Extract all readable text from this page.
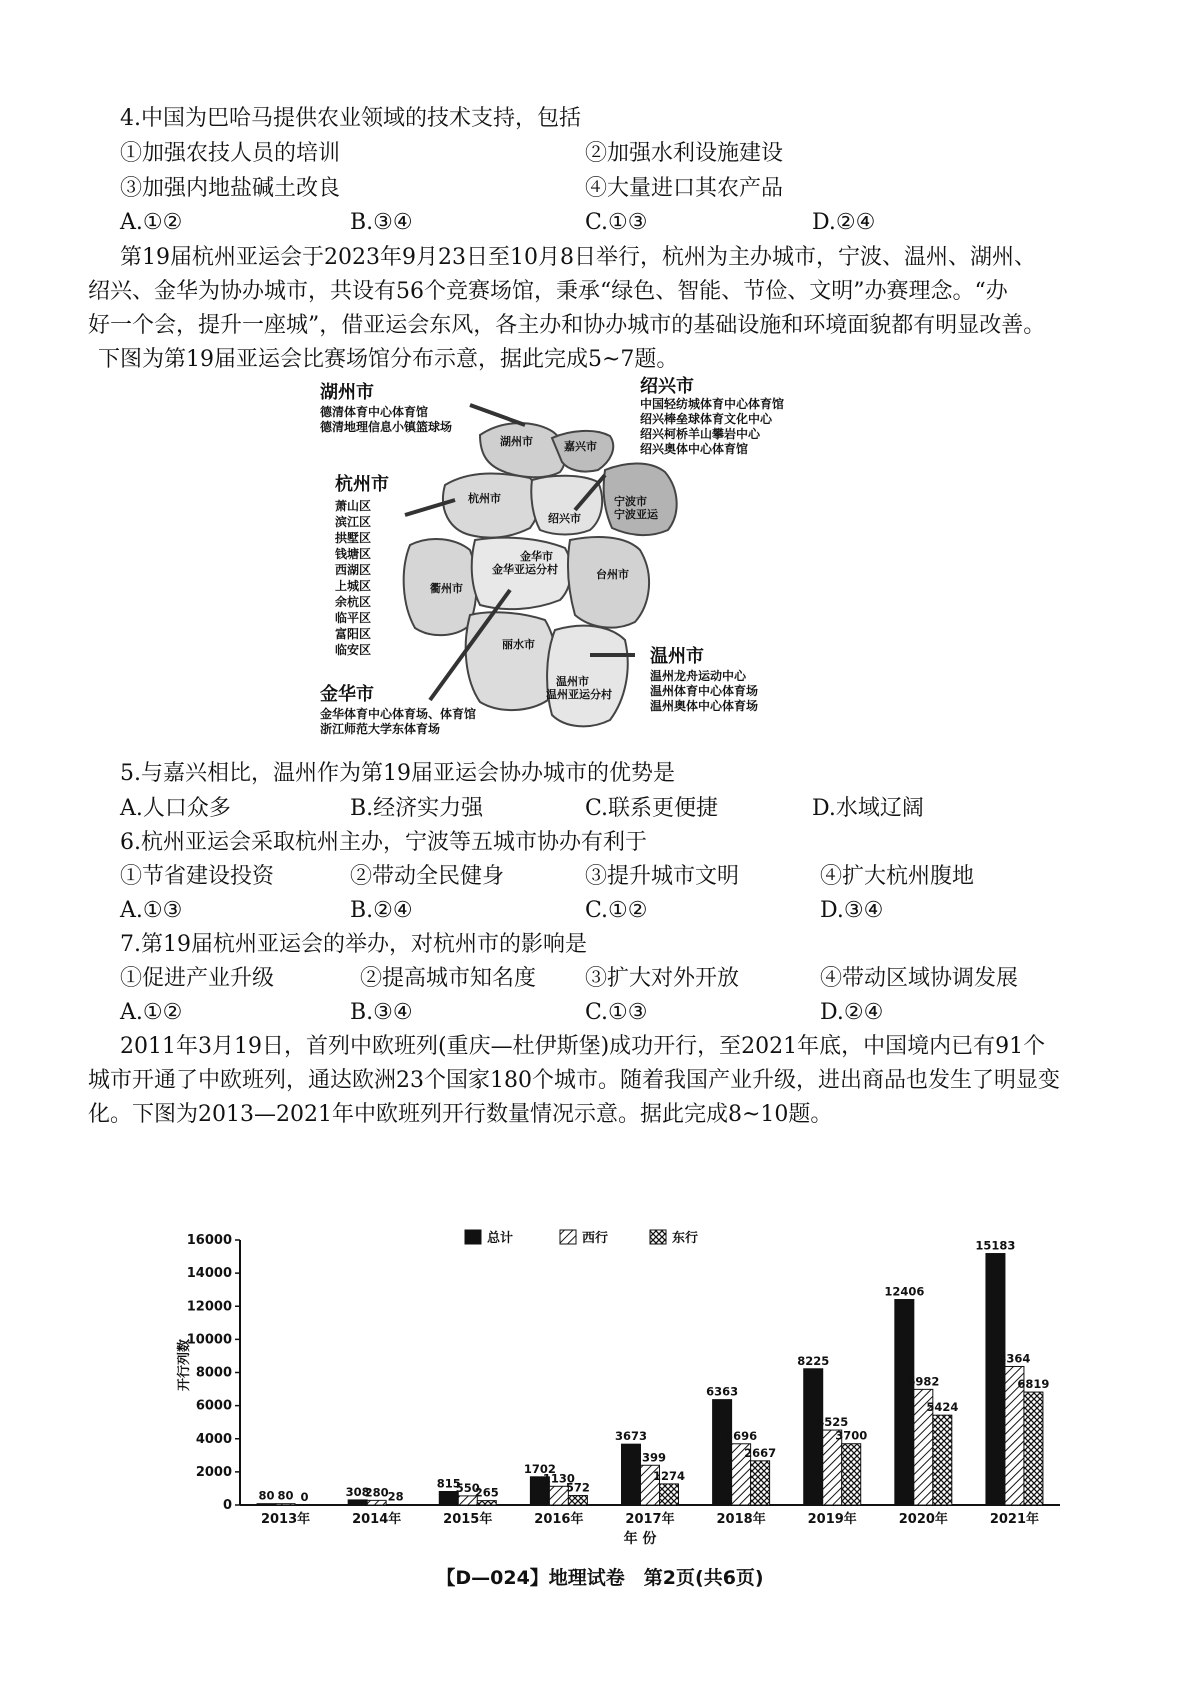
4.中国为巴哈马提供农业领域的技术支持，包括
①加强农技人员的培训	②加强水利设施建设
③加强内地盐碱土改良	④大量进口其农产品
A.①②	B.③④	C.①③	D.②④
第19届杭州亚运会于2023年9月23日至10月8日举行，杭州为主办城市，宁波、温州、湖州、
绍兴、金华为协办城市，共设有56个竞赛场馆，秉承“绿色、智能、节俭、文明”办赛理念。“办
好一个会，提升一座城”，借亚运会东风，各主办和协办城市的基础设施和环境面貌都有明显改善。
下图为第19届亚运会比赛场馆分布示意，据此完成5~7题。
湖州市	嘉兴市
杭州市
绍兴市
宁波市
宁波亚运
金华市
金华亚运分村
衢州市
台州市
丽水市
温州市
温州亚运分村
湖州市
德清体育中心体育馆
德清地理信息小镇篮球场
绍兴市
中国轻纺城体育中心体育馆
绍兴棒垒球体育文化中心
绍兴柯桥羊山攀岩中心
绍兴奥体中心体育馆
杭州市
萧山区
滨江区
拱墅区
钱塘区
西湖区
上城区
余杭区
临平区
富阳区
临安区	温州市
温州龙舟运动中心
温州体育中心体育场
温州奥体中心体育场
金华市
金华体育中心体育场、体育馆
浙江师范大学东体育场
5.与嘉兴相比，温州作为第19届亚运会协办城市的优势是
A.人口众多	B.经济实力强	C.联系更便捷	D.水域辽阔
6.杭州亚运会采取杭州主办，宁波等五城市协办有利于
①节省建设投资	②带动全民健身	③提升城市文明	④扩大杭州腹地
A.①③	B.②④	C.①②	D.③④
7.第19届杭州亚运会的举办，对杭州市的影响是
①促进产业升级	②提高城市知名度 ③扩大对外开放	④带动区域协调发展
A.①②	B.③④	C.①③	D.②④
2011年3月19日，首列中欧班列(重庆—杜伊斯堡)成功开行，至2021年底，中国境内已有91个
城市开通了中欧班列，通达欧洲23个国家180个城市。随着我国产业升级，进出商品也发生了明显变
化。下图为2013—2021年中欧班列开行数量情况示意。据此完成8~10题。
开行列数
年 份
总计	西行	东行
0
2000
4000
6000
8000
10000
12000
14000
16000
2013年	2014年	2015年	2016年	2017年	2018年	2019年	2020年	2021年
80 80 0	308
280
28
815
550
265
1702
1130
572
3673
2399
1274
6363
3696
2667
8225
4525
3700
12406
6982
5424
15183
8364
6819
【D—024】地理试卷　第2页(共6页)
